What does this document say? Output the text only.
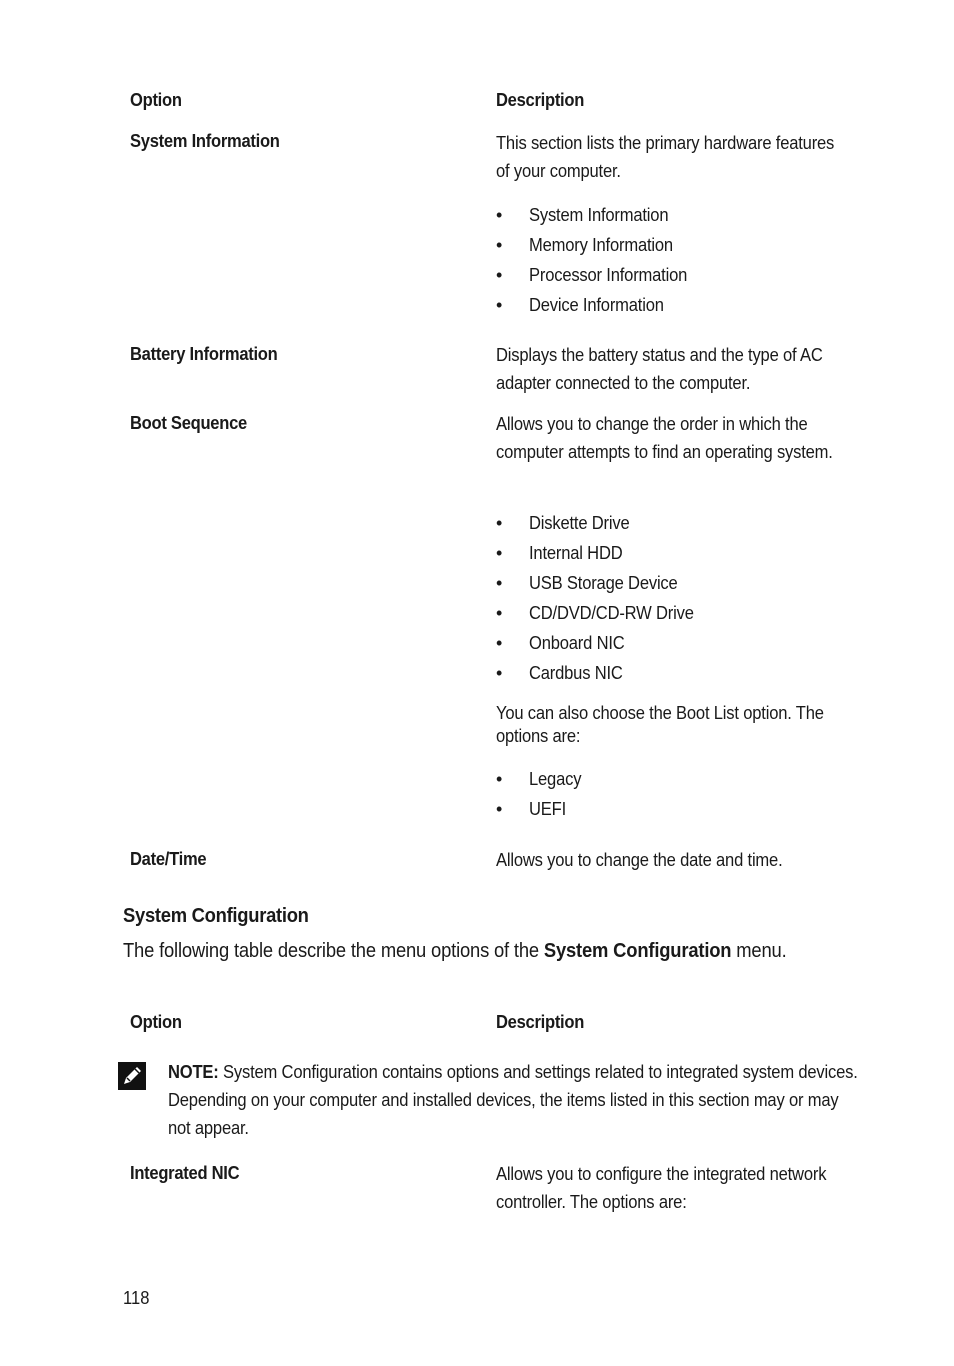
Option	Description
System Information	This section lists the primary hardware features of your computer.
• System Information
• Memory Information
• Processor Information
• Device Information
Battery Information	Displays the battery status and the type of AC adapter connected to the computer.
Boot Sequence	Allows you to change the order in which the computer attempts to find an operating system.
• Diskette Drive
• Internal HDD
• USB Storage Device
• CD/DVD/CD-RW Drive
• Onboard NIC
• Cardbus NIC
You can also choose the Boot List option. The options are:
• Legacy
• UEFI
Date/Time	Allows you to change the date and time.
System Configuration
The following table describe the menu options of the System Configuration menu.
Option	Description
NOTE: System Configuration contains options and settings related to integrated system devices. Depending on your computer and installed devices, the items listed in this section may or may not appear.
Integrated NIC	Allows you to configure the integrated network controller. The options are:
118
